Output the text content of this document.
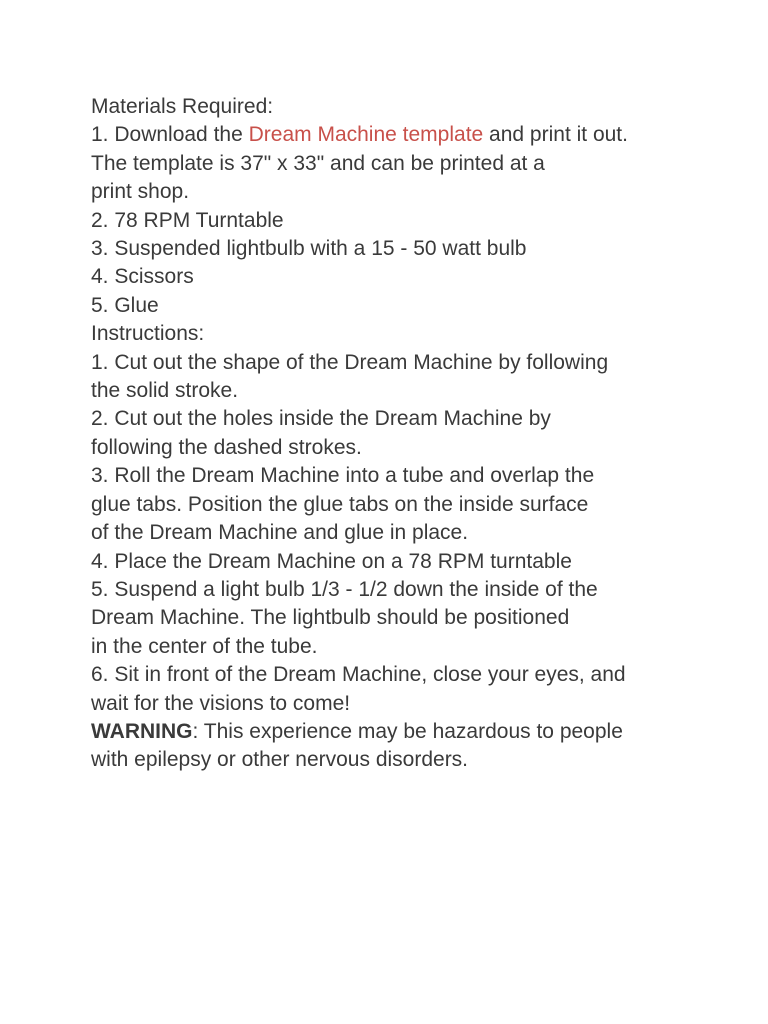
Materials Required:
1. Download the Dream Machine template and print it out.
The template is 37" x 33" and can be printed at a
print shop.
2. 78 RPM Turntable
3. Suspended lightbulb with a 15 - 50 watt bulb
4. Scissors
5. Glue
Instructions:
1. Cut out the shape of the Dream Machine by following
the solid stroke.
2. Cut out the holes inside the Dream Machine by
following the dashed strokes.
3. Roll the Dream Machine into a tube and overlap the
glue tabs. Position the glue tabs on the inside surface
of the Dream Machine and glue in place.
4. Place the Dream Machine on a 78 RPM turntable
5. Suspend a light bulb 1/3 - 1/2 down the inside of the
Dream Machine. The lightbulb should be positioned
in the center of the tube.
6. Sit in front of the Dream Machine, close your eyes, and
wait for the visions to come!
WARNING: This experience may be hazardous to people
with epilepsy or other nervous disorders.
